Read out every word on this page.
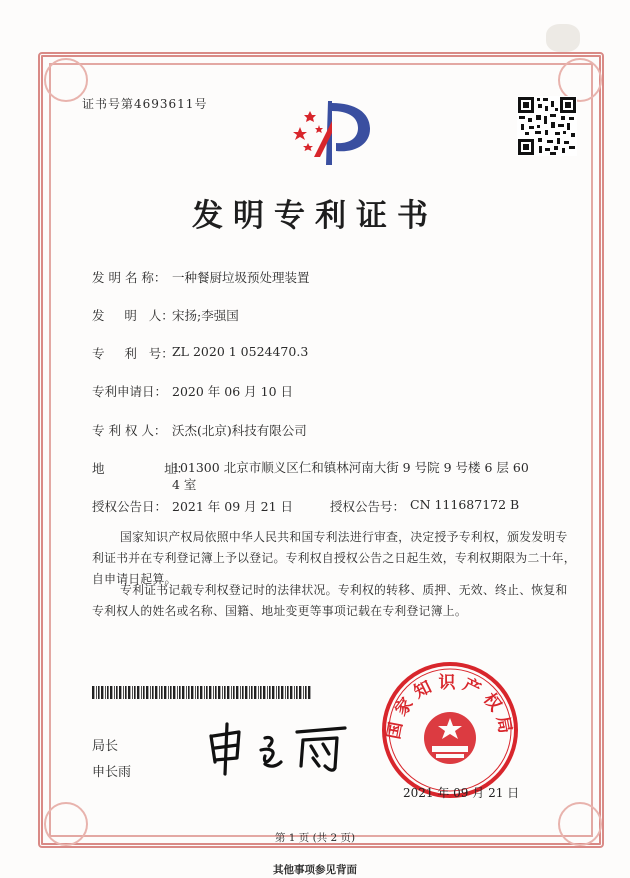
证书号第4693611号
发明专利证书
发 明 名 称： 一种餐厨垃圾预处理装置
发     明   人：
宋扬;李强国
专     利   号：
ZL 2020 1 0524470.3
专利申请日： 2020 年 06 月 10 日
专 利 权 人： 沃杰(北京)科技有限公司
地               址：
101300 北京市顺义区仁和镇林河南大街 9 号院 9 号楼 6 层 60
4 室
授权公告日： 2021 年 09 月 21 日	授权公告号： CN 111687172 B
国家知识产权局依照中华人民共和国专利法进行审查，决定授予专利权，颁发发明专利证书并在专利登记簿上予以登记。专利权自授权公告之日起生效，专利权期限为二十年，自申请日起算。
专利证书记载专利权登记时的法律状况。专利权的转移、质押、无效、终止、恢复和专利权人的姓名或名称、国籍、地址变更等事项记载在专利登记簿上。
局长
申长雨
国家知识产权局
2021 年 09 月 21 日
第 1 页 (共 2 页)
其他事项参见背面
